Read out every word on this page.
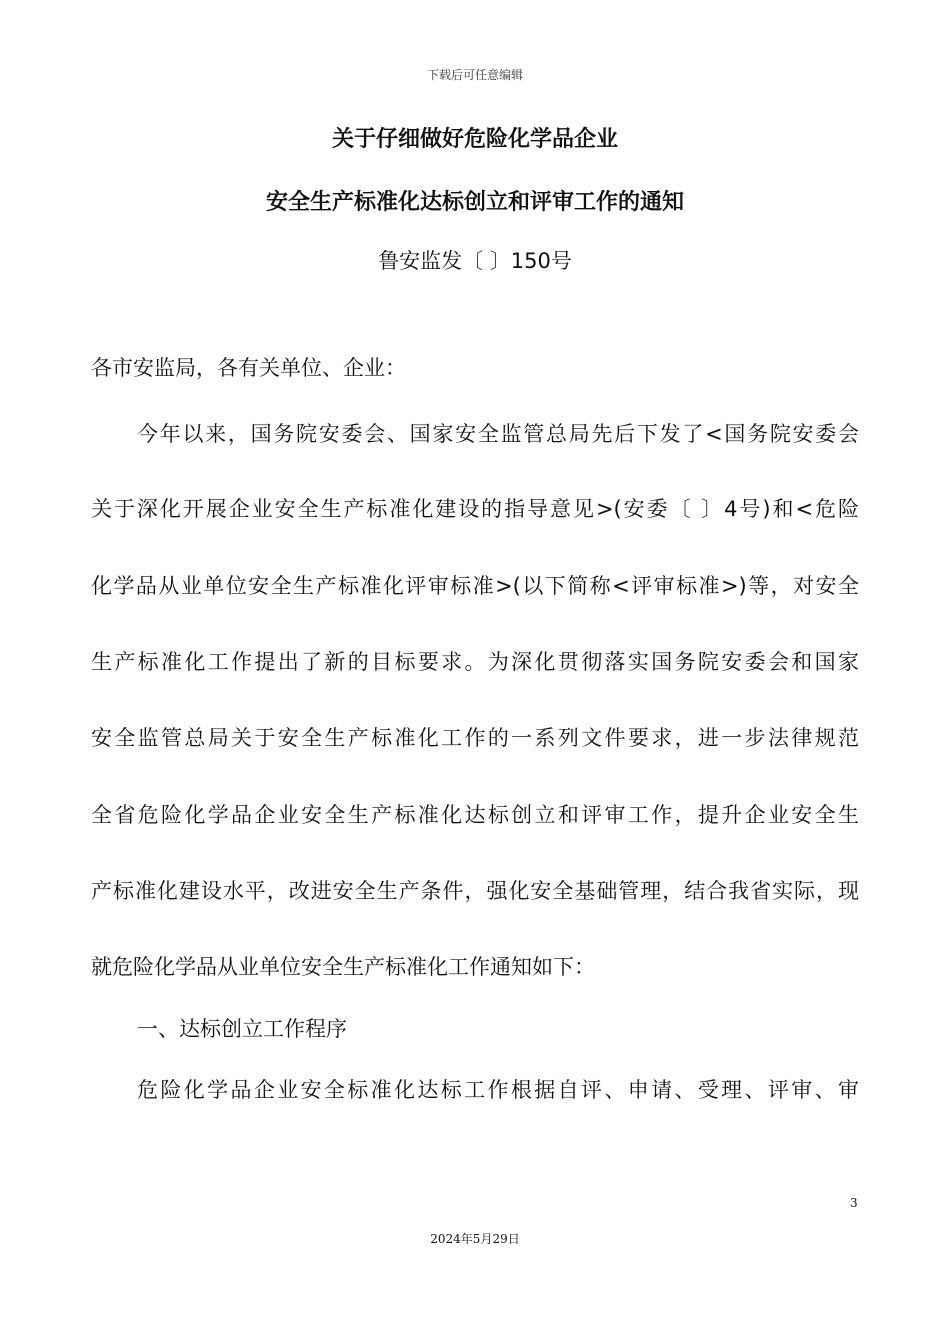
下载后可任意编辑
关于仔细做好危险化学品企业
安全生产标准化达标创立和评审工作的通知
鲁安监发〔 〕150号
各市安监局，各有关单位、企业：
今年以来，国务院安委会、国家安全监管总局先后下发了<国务院安委会
关于深化开展企业安全生产标准化建设的指导意见>(安委〔 〕4号)和<危险
化学品从业单位安全生产标准化评审标准>(以下简称<评审标准>)等，对安全
生产标准化工作提出了新的目标要求。为深化贯彻落实国务院安委会和国家
安全监管总局关于安全生产标准化工作的一系列文件要求，进一步法律规范
全省危险化学品企业安全生产标准化达标创立和评审工作，提升企业安全生
产标准化建设水平，改进安全生产条件，强化安全基础管理，结合我省实际，现
就危险化学品从业单位安全生产标准化工作通知如下：
一、达标创立工作程序
危险化学品企业安全标准化达标工作根据自评、申请、受理、评审、审
3
2024年5月29日
